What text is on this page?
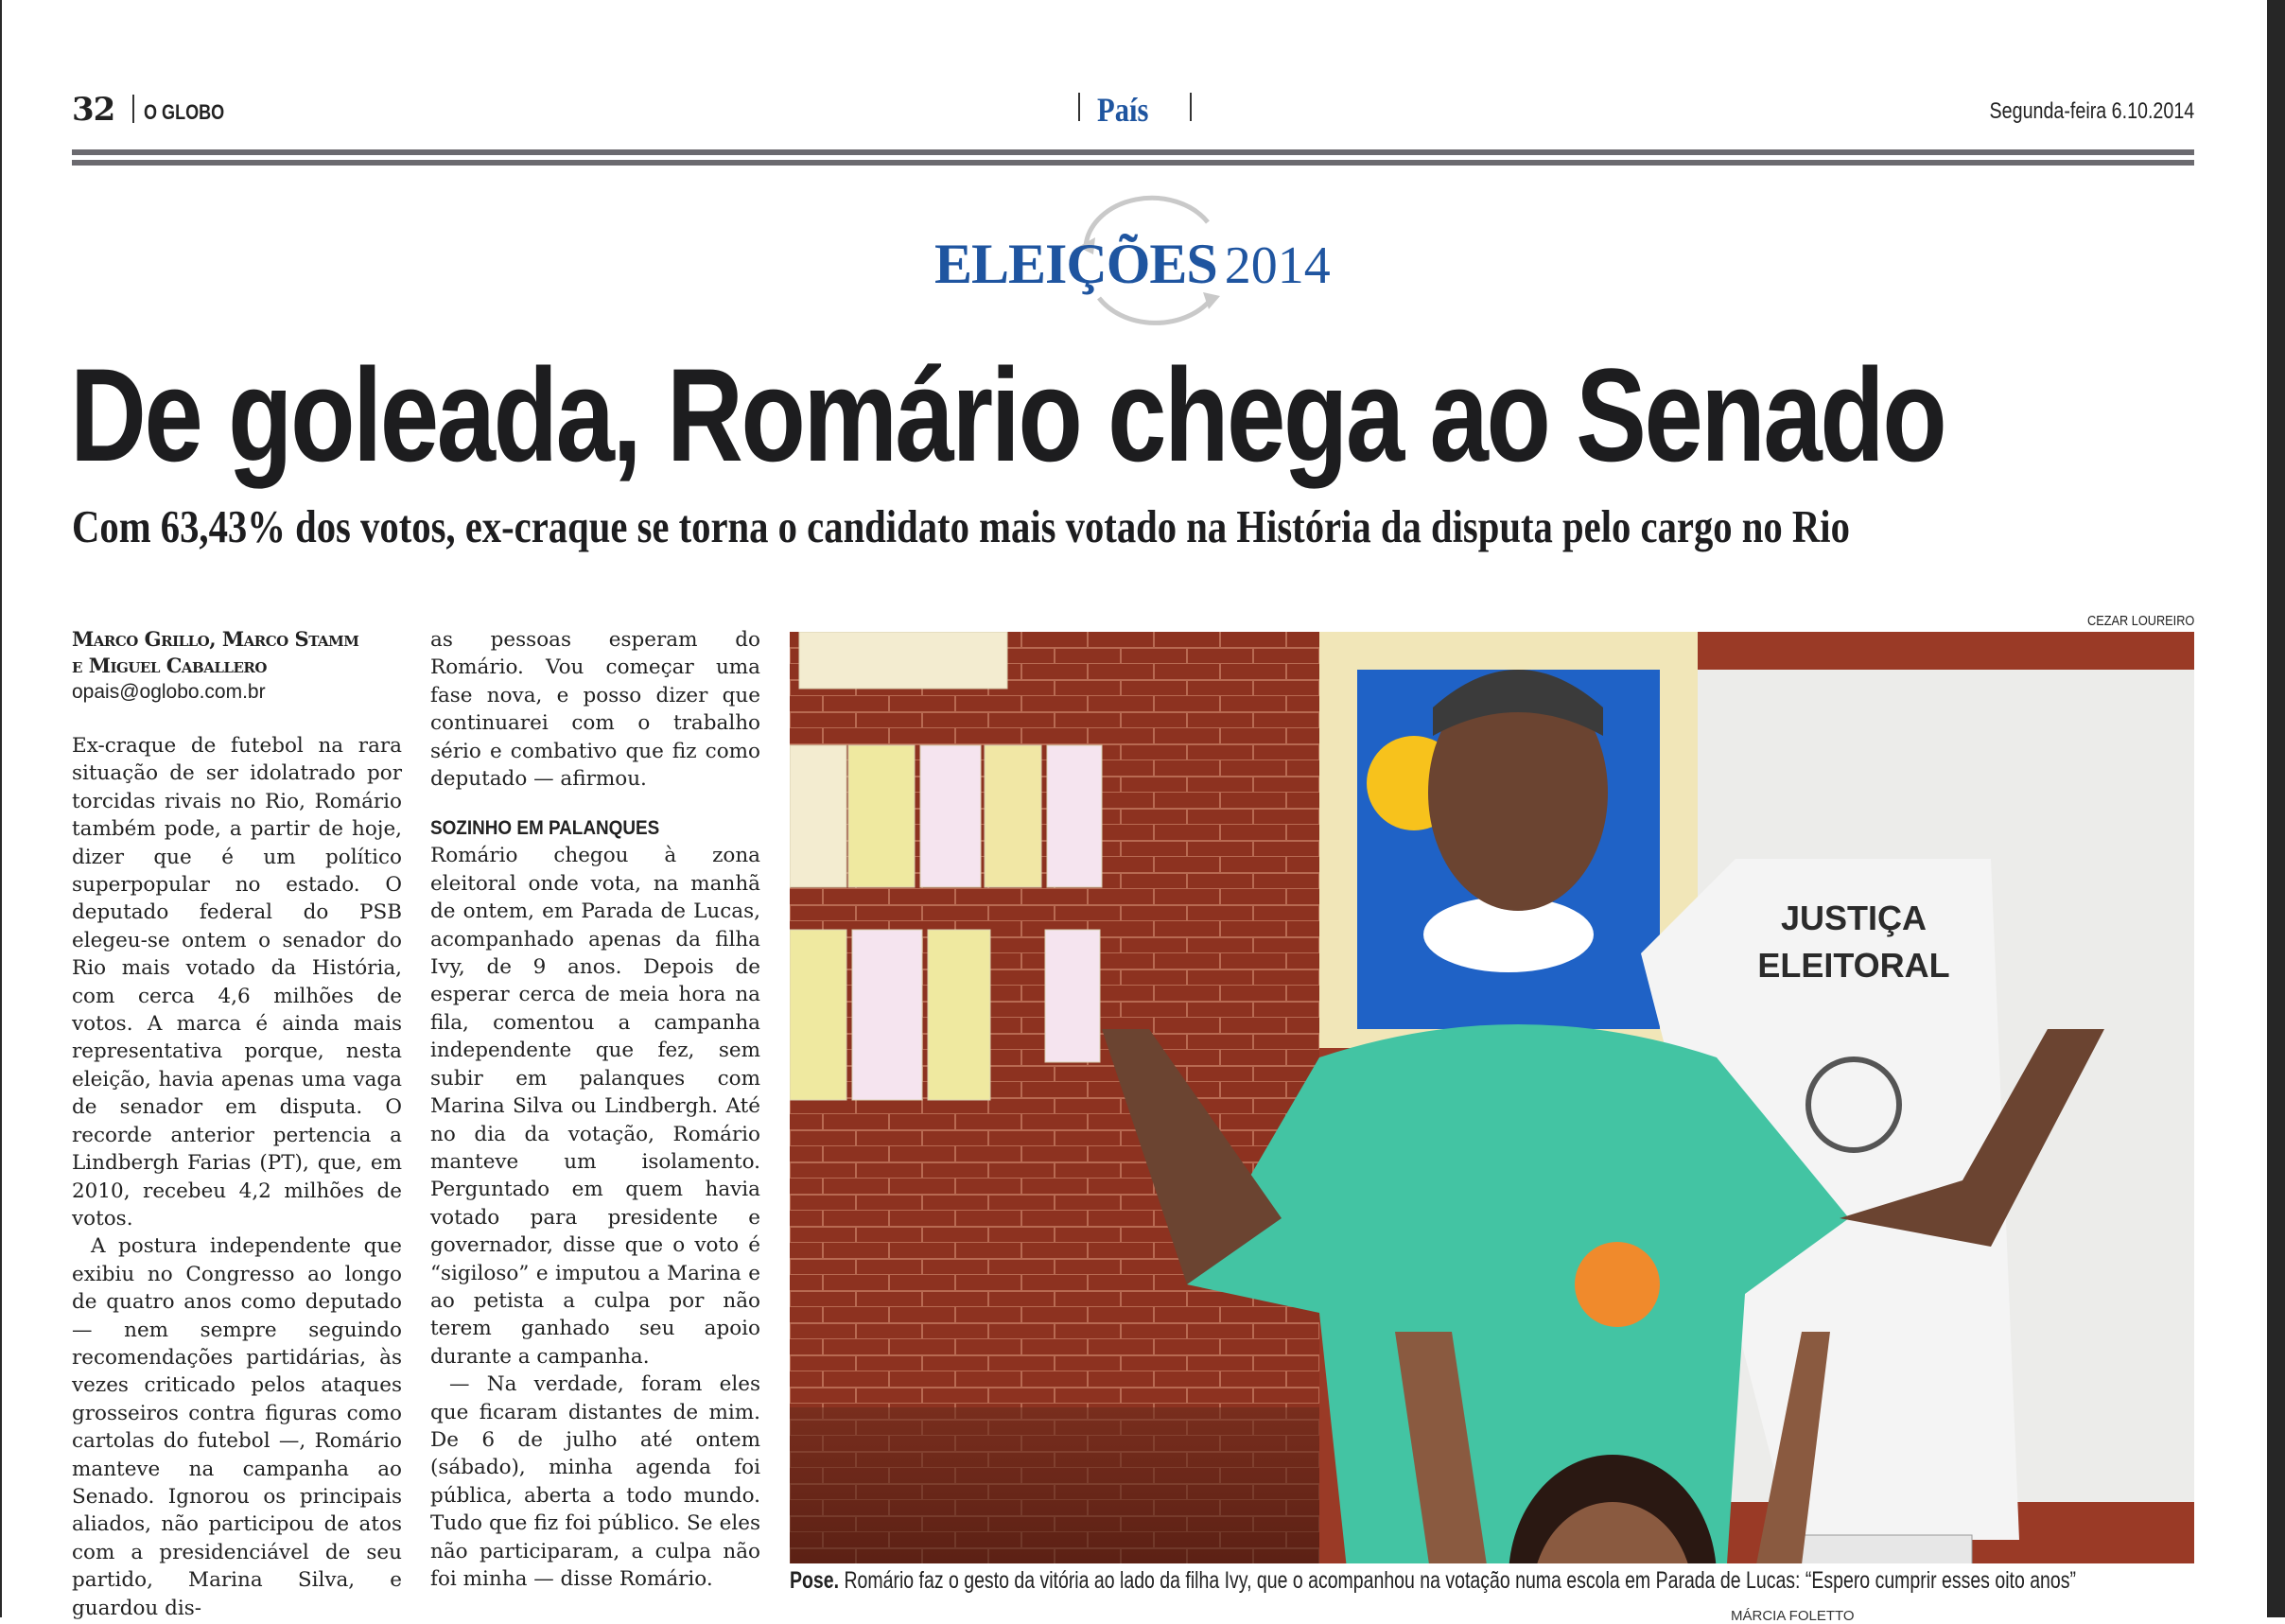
32 O GLOBO	País	Segunda-feira 6.10.2014
ELEIÇÕES 2014
De goleada, Romário chega ao Senado
Com 63,43% dos votos, ex-craque se torna o candidato mais votado na História da disputa pelo cargo no Rio

Marco Grillo, Marco Stamm

e Miguel Caballero

opais@oglobo.com.br

Ex-craque de futebol na rara situação de ser idolatrado por torcidas rivais no Rio, Romário também pode, a partir de hoje, dizer que é um político superpopular no estado. O deputado federal do PSB elegeu-se ontem o senador do Rio mais votado da História, com cerca 4,6 milhões de votos. A marca é ainda mais representativa porque, nesta eleição, havia apenas uma vaga de senador em disputa. O recorde anterior pertencia a Lindbergh Farias (PT), que, em 2010, recebeu 4,2 milhões de votos.

A postura independente que exibiu no Congresso ao longo de quatro anos como deputado — nem sempre seguindo recomendações partidárias, às vezes criticado pelos ataques grosseiros contra figuras como cartolas do futebol —, Romário manteve na campanha ao Senado. Ignorou os principais aliados, não participou de atos com a presidenciável de seu partido, Marina Silva, e guardou dis-

as pessoas esperam do Romário. Vou começar uma fase nova, e posso dizer que continuarei com o trabalho sério e combativo que fiz como deputado — afirmou.

SOZINHO EM PALANQUES

Romário chegou à zona eleitoral onde vota, na manhã de ontem, em Parada de Lucas, acompanhado apenas da filha Ivy, de 9 anos. Depois de esperar cerca de meia hora na fila, comentou a campanha independente que fez, sem subir em palanques com Marina Silva ou Lindbergh. Até no dia da votação, Romário manteve um isolamento. Perguntado em quem havia votado para presidente e governador, disse que o voto é “sigiloso” e imputou a Marina e ao petista a culpa por não terem ganhado seu apoio durante a campanha.

— Na verdade, foram eles que ficaram distantes de mim. De 6 de julho até ontem (sábado), minha agenda foi pública, aberta a todo mundo. Tudo que fiz foi público. Se eles não participaram, a culpa não foi minha — disse Romário.

CEZAR LOUREIRO
JUSTIÇA
ELEITORAL
Pose. Romário faz o gesto da vitória ao lado da filha Ivy, que o acompanhou na votação numa escola em Parada de Lucas: “Espero cumprir esses oito anos”
MÁRCIA FOLETTO
